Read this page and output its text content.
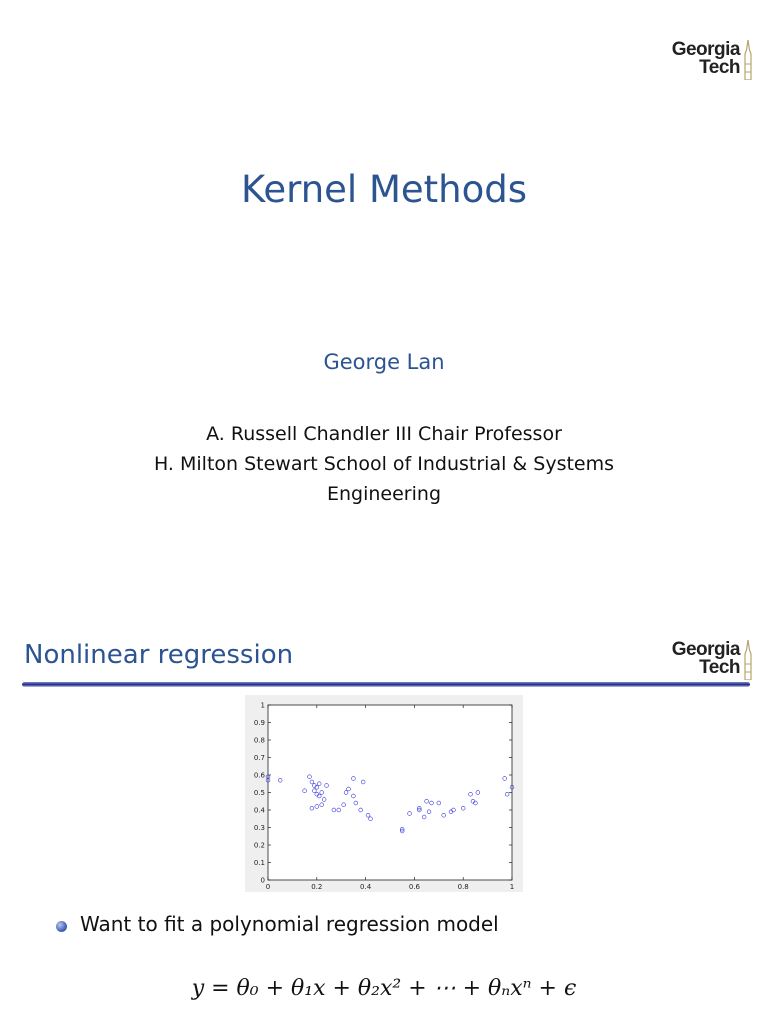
Georgia
Tech
Kernel Methods
George Lan
A. Russell Chandler III Chair Professor
H. Milton Stewart School of Industrial & Systems
Engineering
Nonlinear regression	Georgia
Tech
0
0.1
0.2
0.3
0.4
0.5
0.6
0.7
0.8
0.9
1
0	0.2	0.4	0.6	0.8	1
Want to fit a polynomial regression model
y = θ₀ + θ₁x + θ₂x² + ⋯ + θₙxⁿ + ϵ
